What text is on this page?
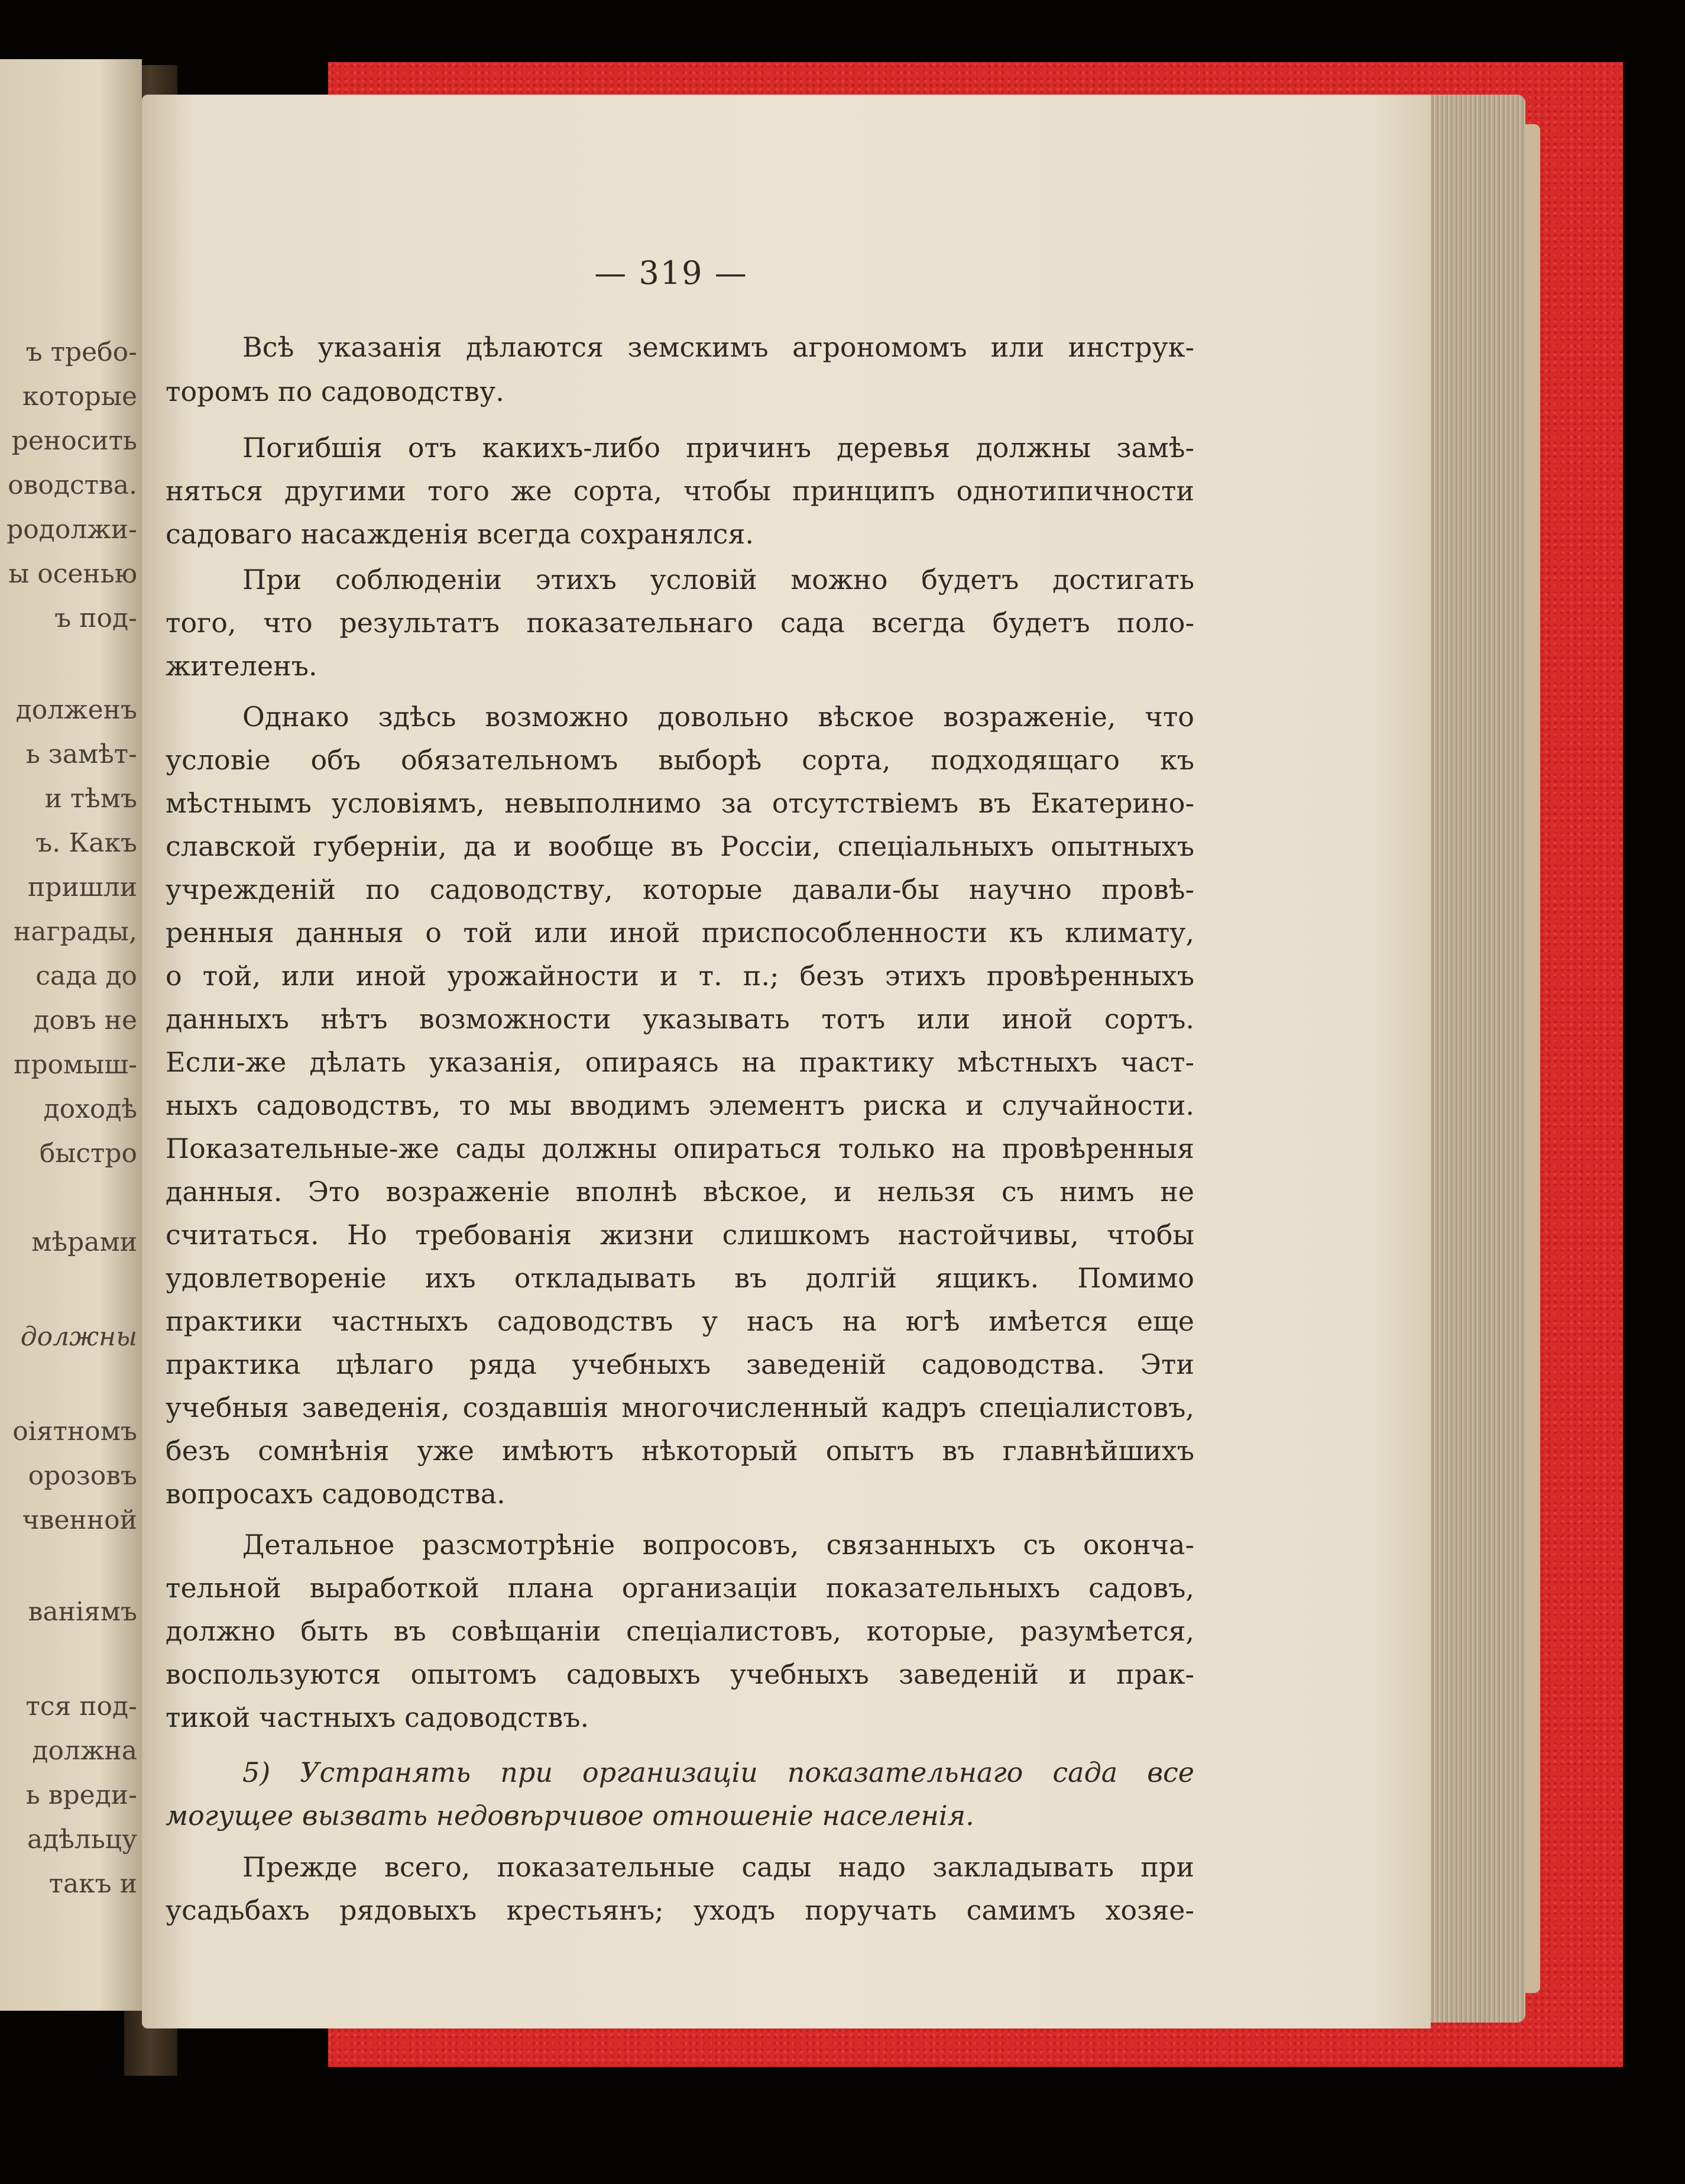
ъ требо-
которые
реносить
оводства.
родолжи-
ы осенью
ъ под-
долженъ
ь замѣт-
и тѣмъ
ъ. Какъ
пришли
награды,
сада до
довъ не
промыш-
доходѣ
быстро
мѣрами
должны
оіятномъ
орозовъ
чвенной
ваніямъ
тся под-
должна
ь вреди-
адѣльцу
такъ и
— 319 —
Всѣ указанія дѣлаются земскимъ агрономомъ или инструк-
торомъ по садоводству.
Погибшія отъ какихъ-либо причинъ деревья должны замѣ-
няться другими того же сорта, чтобы принципъ однотипичности
садоваго насажденія всегда сохранялся.
При соблюденіи этихъ условій можно будетъ достигать
того, что результатъ показательнаго сада всегда будетъ поло-
жителенъ.
Однако здѣсь возможно довольно вѣское возраженіе, что
условіе объ обязательномъ выборѣ сорта, подходящаго къ
мѣстнымъ условіямъ, невыполнимо за отсутствіемъ въ Екатерино-
славской губерніи, да и вообще въ Россіи, спеціальныхъ опытныхъ
учрежденій по садоводству, которые давали-бы научно провѣ-
ренныя данныя о той или иной приспособленности къ климату,
о той, или иной урожайности и т. п.; безъ этихъ провѣренныхъ
данныхъ нѣтъ возможности указывать тотъ или иной сортъ.
Если-же дѣлать указанія, опираясь на практику мѣстныхъ част-
ныхъ садоводствъ, то мы вводимъ элементъ риска и случайности.
Показательные-же сады должны опираться только на провѣренныя
данныя. Это возраженіе вполнѣ вѣское, и нельзя съ нимъ не
считаться. Но требованія жизни слишкомъ настойчивы, чтобы
удовлетвореніе ихъ откладывать въ долгій ящикъ. Помимо
практики частныхъ садоводствъ у насъ на югѣ имѣется еще
практика цѣлаго ряда учебныхъ заведеній садоводства. Эти
учебныя заведенія, создавшія многочисленный кадръ спеціалистовъ,
безъ сомнѣнія уже имѣютъ нѣкоторый опытъ въ главнѣйшихъ
вопросахъ садоводства.
Детальное разсмотрѣніе вопросовъ, связанныхъ съ оконча-
тельной выработкой плана организаціи показательныхъ садовъ,
должно быть въ совѣщаніи спеціалистовъ, которые, разумѣется,
воспользуются опытомъ садовыхъ учебныхъ заведеній и прак-
тикой частныхъ садоводствъ.
5) Устранять при организаціи показательнаго сада все
могущее вызвать недовѣрчивое отношеніе населенія.
Прежде всего, показательные сады надо закладывать при
усадьбахъ рядовыхъ крестьянъ; уходъ поручать самимъ хозяе-
